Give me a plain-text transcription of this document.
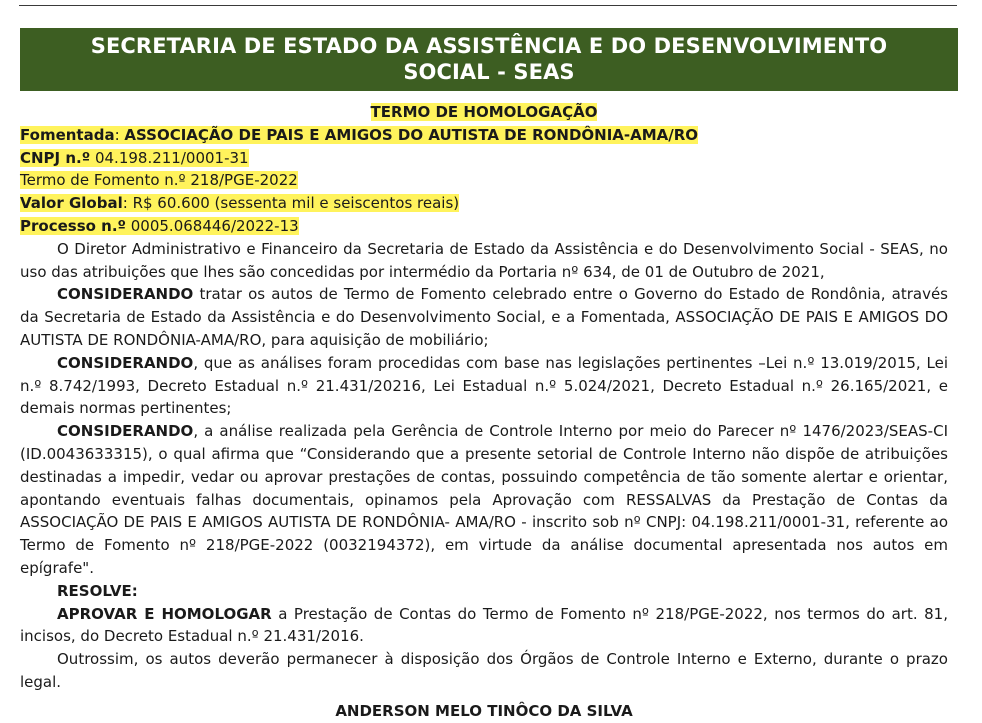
SECRETARIA DE ESTADO DA ASSISTÊNCIA E DO DESENVOLVIMENTO
SOCIAL - SEAS
TERMO DE HOMOLOGAÇÃO
Fomentada: ASSOCIAÇÃO DE PAIS E AMIGOS DO AUTISTA DE RONDÔNIA-AMA/RO
CNPJ n.º 04.198.211/0001-31
Termo de Fomento n.º 218/PGE-2022
Valor Global: R$ 60.600 (sessenta mil e seiscentos reais)
Processo n.º 0005.068446/2022-13
O Diretor Administrativo e Financeiro da Secretaria de Estado da Assistência e do Desenvolvimento Social - SEAS, no uso das atribuições que lhes são concedidas por intermédio da Portaria nº 634, de 01 de Outubro de 2021,
CONSIDERANDO tratar os autos de Termo de Fomento celebrado entre o Governo do Estado de Rondônia, através da Secretaria de Estado da Assistência e do Desenvolvimento Social, e a Fomentada, ASSOCIAÇÃO DE PAIS E AMIGOS DO AUTISTA DE RONDÔNIA-AMA/RO, para aquisição de mobiliário;
CONSIDERANDO, que as análises foram procedidas com base nas legislações pertinentes –Lei n.º 13.019/2015, Lei n.º 8.742/1993, Decreto Estadual n.º 21.431/20216, Lei Estadual n.º 5.024/2021, Decreto Estadual n.º 26.165/2021, e demais normas pertinentes;
CONSIDERANDO, a análise realizada pela Gerência de Controle Interno por meio do Parecer nº 1476/2023/SEAS-CI (ID.0043633315), o qual afirma que “Considerando que a presente setorial de Controle Interno não dispõe de atribuições destinadas a impedir, vedar ou aprovar prestações de contas, possuindo competência de tão somente alertar e orientar, apontando eventuais falhas documentais, opinamos pela Aprovação com RESSALVAS da Prestação de Contas da ASSOCIAÇÃO DE PAIS E AMIGOS AUTISTA DE RONDÔNIA- AMA/RO - inscrito sob nº CNPJ: 04.198.211/0001-31, referente ao Termo de Fomento nº 218/PGE-2022 (0032194372), em virtude da análise documental apresentada nos autos em epígrafe".
RESOLVE:
APROVAR E HOMOLOGAR a Prestação de Contas do Termo de Fomento nº 218/PGE-2022, nos termos do art. 81, incisos, do Decreto Estadual n.º 21.431/2016.
Outrossim, os autos deverão permanecer à disposição dos Órgãos de Controle Interno e Externo, durante o prazo legal.
ANDERSON MELO TINÔCO DA SILVA
